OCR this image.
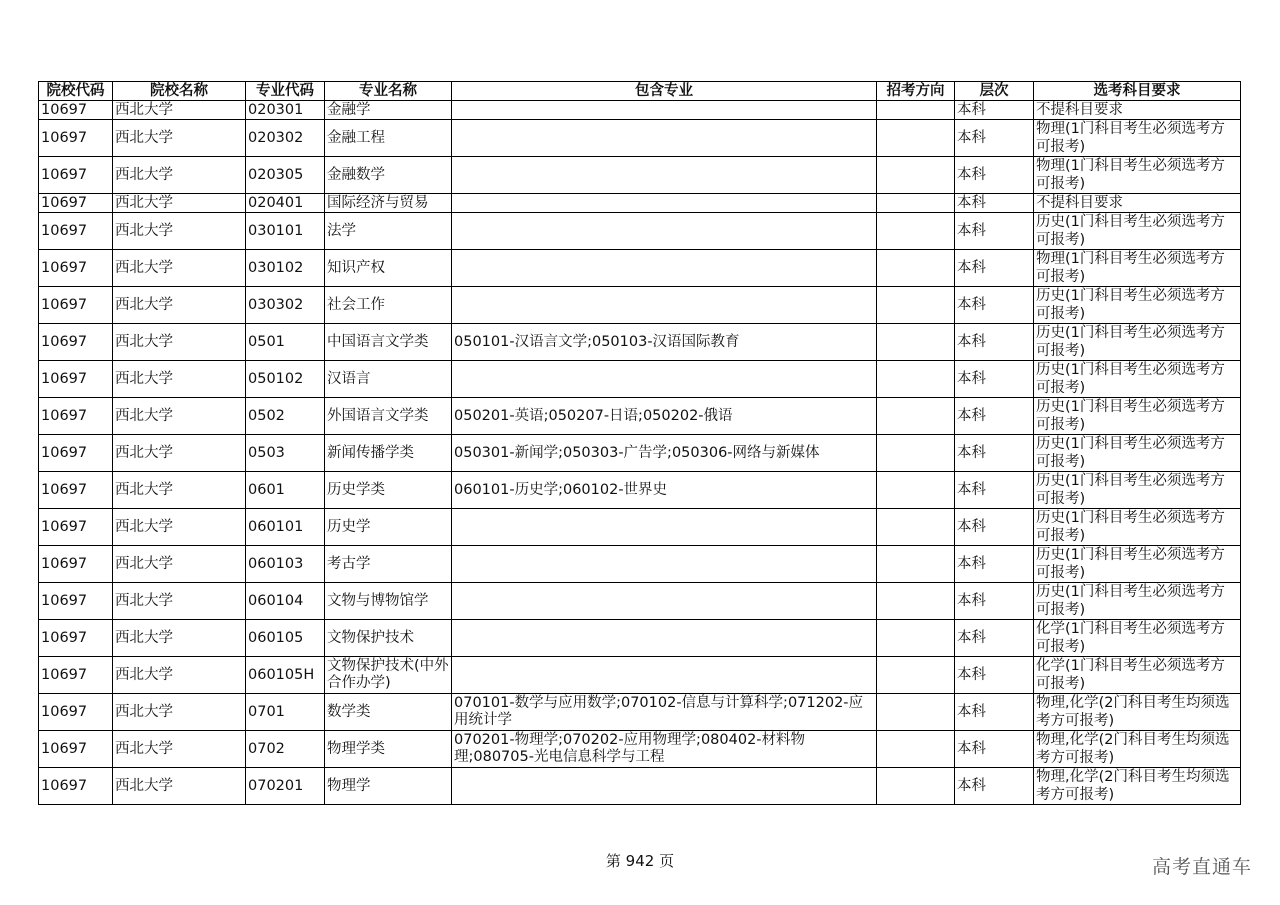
院校代码	院校名称	专业代码	专业名称	包含专业	招考方向	层次	选考科目要求
10697	西北大学	020301	金融学			本科	不提科目要求
10697	西北大学	020302	金融工程			本科	物理(1门科目考生必须选考方可报考)
10697	西北大学	020305	金融数学			本科	物理(1门科目考生必须选考方可报考)
10697	西北大学	020401	国际经济与贸易			本科	不提科目要求
10697	西北大学	030101	法学			本科	历史(1门科目考生必须选考方可报考)
10697	西北大学	030102	知识产权			本科	物理(1门科目考生必须选考方可报考)
10697	西北大学	030302	社会工作			本科	历史(1门科目考生必须选考方可报考)
10697	西北大学	0501	中国语言文学类	050101-汉语言文学;050103-汉语国际教育		本科	历史(1门科目考生必须选考方可报考)
10697	西北大学	050102	汉语言			本科	历史(1门科目考生必须选考方可报考)
10697	西北大学	0502	外国语言文学类	050201-英语;050207-日语;050202-俄语		本科	历史(1门科目考生必须选考方可报考)
10697	西北大学	0503	新闻传播学类	050301-新闻学;050303-广告学;050306-网络与新媒体		本科	历史(1门科目考生必须选考方可报考)
10697	西北大学	0601	历史学类	060101-历史学;060102-世界史		本科	历史(1门科目考生必须选考方可报考)
10697	西北大学	060101	历史学			本科	历史(1门科目考生必须选考方可报考)
10697	西北大学	060103	考古学			本科	历史(1门科目考生必须选考方可报考)
10697	西北大学	060104	文物与博物馆学			本科	历史(1门科目考生必须选考方可报考)
10697	西北大学	060105	文物保护技术			本科	化学(1门科目考生必须选考方可报考)
10697	西北大学	060105H	文物保护技术(中外合作办学)			本科	化学(1门科目考生必须选考方可报考)
10697	西北大学	0701	数学类	070101-数学与应用数学;070102-信息与计算科学;071202-应用统计学		本科	物理,化学(2门科目考生均须选考方可报考)
10697	西北大学	0702	物理学类	070201-物理学;070202-应用物理学;080402-材料物理;080705-光电信息科学与工程		本科	物理,化学(2门科目考生均须选考方可报考)
10697	西北大学	070201	物理学			本科	物理,化学(2门科目考生均须选考方可报考)
第 942 页	高考直通车
